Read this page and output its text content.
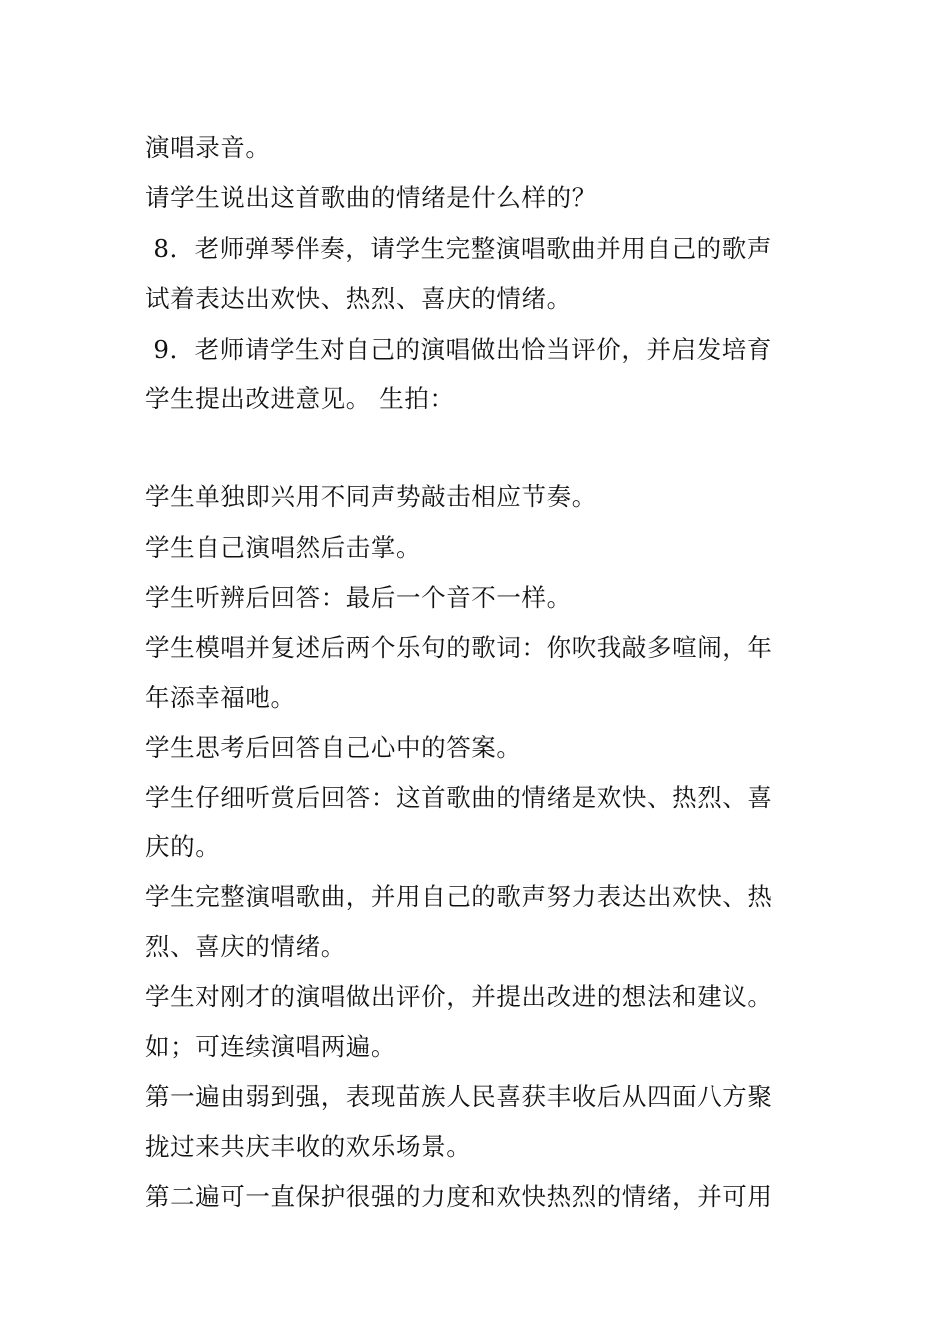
演唱录音。
请学生说出这首歌曲的情绪是什么样的？
8．老师弹琴伴奏，请学生完整演唱歌曲并用自己的歌声
试着表达出欢快、热烈、喜庆的情绪。
9．老师请学生对自己的演唱做出恰当评价，并启发培育
学生提出改进意见。 生拍：
学生单独即兴用不同声势敲击相应节奏。
学生自己演唱然后击掌。
学生听辨后回答：最后一个音不一样。
学生模唱并复述后两个乐句的歌词：你吹我敲多喧闹，年
年添幸福吔。
学生思考后回答自己心中的答案。
学生仔细听赏后回答：这首歌曲的情绪是欢快、热烈、喜
庆的。
学生完整演唱歌曲，并用自己的歌声努力表达出欢快、热
烈、喜庆的情绪。
学生对刚才的演唱做出评价，并提出改进的想法和建议。
如；可连续演唱两遍。
第一遍由弱到强，表现苗族人民喜获丰收后从四面八方聚
拢过来共庆丰收的欢乐场景。
第二遍可一直保护很强的力度和欢快热烈的情绪，并可用
